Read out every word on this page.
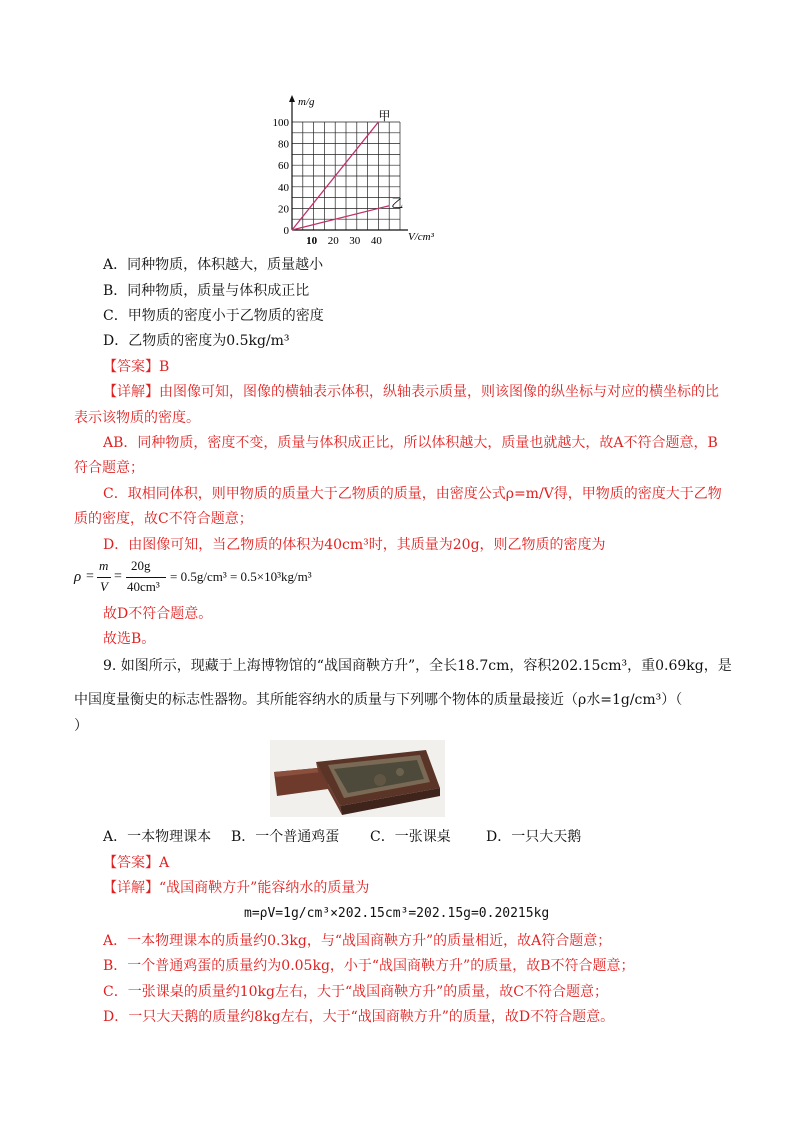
m/g
V/cm³
100
80
60
40
20
0
10 20 30 40
甲
乙
A．同种物质，体积越大，质量越小
B．同种物质，质量与体积成正比
C．甲物质的密度小于乙物质的密度
D．乙物质的密度为0.5kg/m³
【答案】B
【详解】由图像可知，图像的横轴表示体积，纵轴表示质量，则该图像的纵坐标与对应的横坐标的比
表示该物质的密度。
AB．同种物质，密度不变，质量与体积成正比，所以体积越大，质量也就越大，故A不符合题意，B
符合题意；
C．取相同体积，则甲物质的质量大于乙物质的质量，由密度公式ρ=m/V得，甲物质的密度大于乙物
质的密度，故C不符合题意；
D．由图像可知，当乙物质的体积为40cm³时，其质量为20g，则乙物质的密度为
ρ =
m
V
=
20g
40cm³
= 0.5g/cm³ = 0.5×10³kg/m³
故D不符合题意。
故选B。
9. 如图所示，现藏于上海博物馆的“战国商鞅方升”，全长18.7cm，容积202.15cm³，重0.69kg，是
中国度量衡史的标志性器物。其所能容纳水的质量与下列哪个物体的质量最接近（ρ水=1g/cm³）（
）
A．一本物理课本 B．一个普通鸡蛋 C．一张课桌	D．一只大天鹅
【答案】A
【详解】“战国商鞅方升”能容纳水的质量为
m=ρV=1g/cm³×202.15cm³=202.15g=0.20215kg
A．一本物理课本的质量约0.3kg，与“战国商鞅方升”的质量相近，故A符合题意；
B．一个普通鸡蛋的质量约为0.05kg，小于“战国商鞅方升”的质量，故B不符合题意；
C．一张课桌的质量约10kg左右，大于“战国商鞅方升”的质量，故C不符合题意；
D．一只大天鹅的质量约8kg左右，大于“战国商鞅方升”的质量，故D不符合题意。
